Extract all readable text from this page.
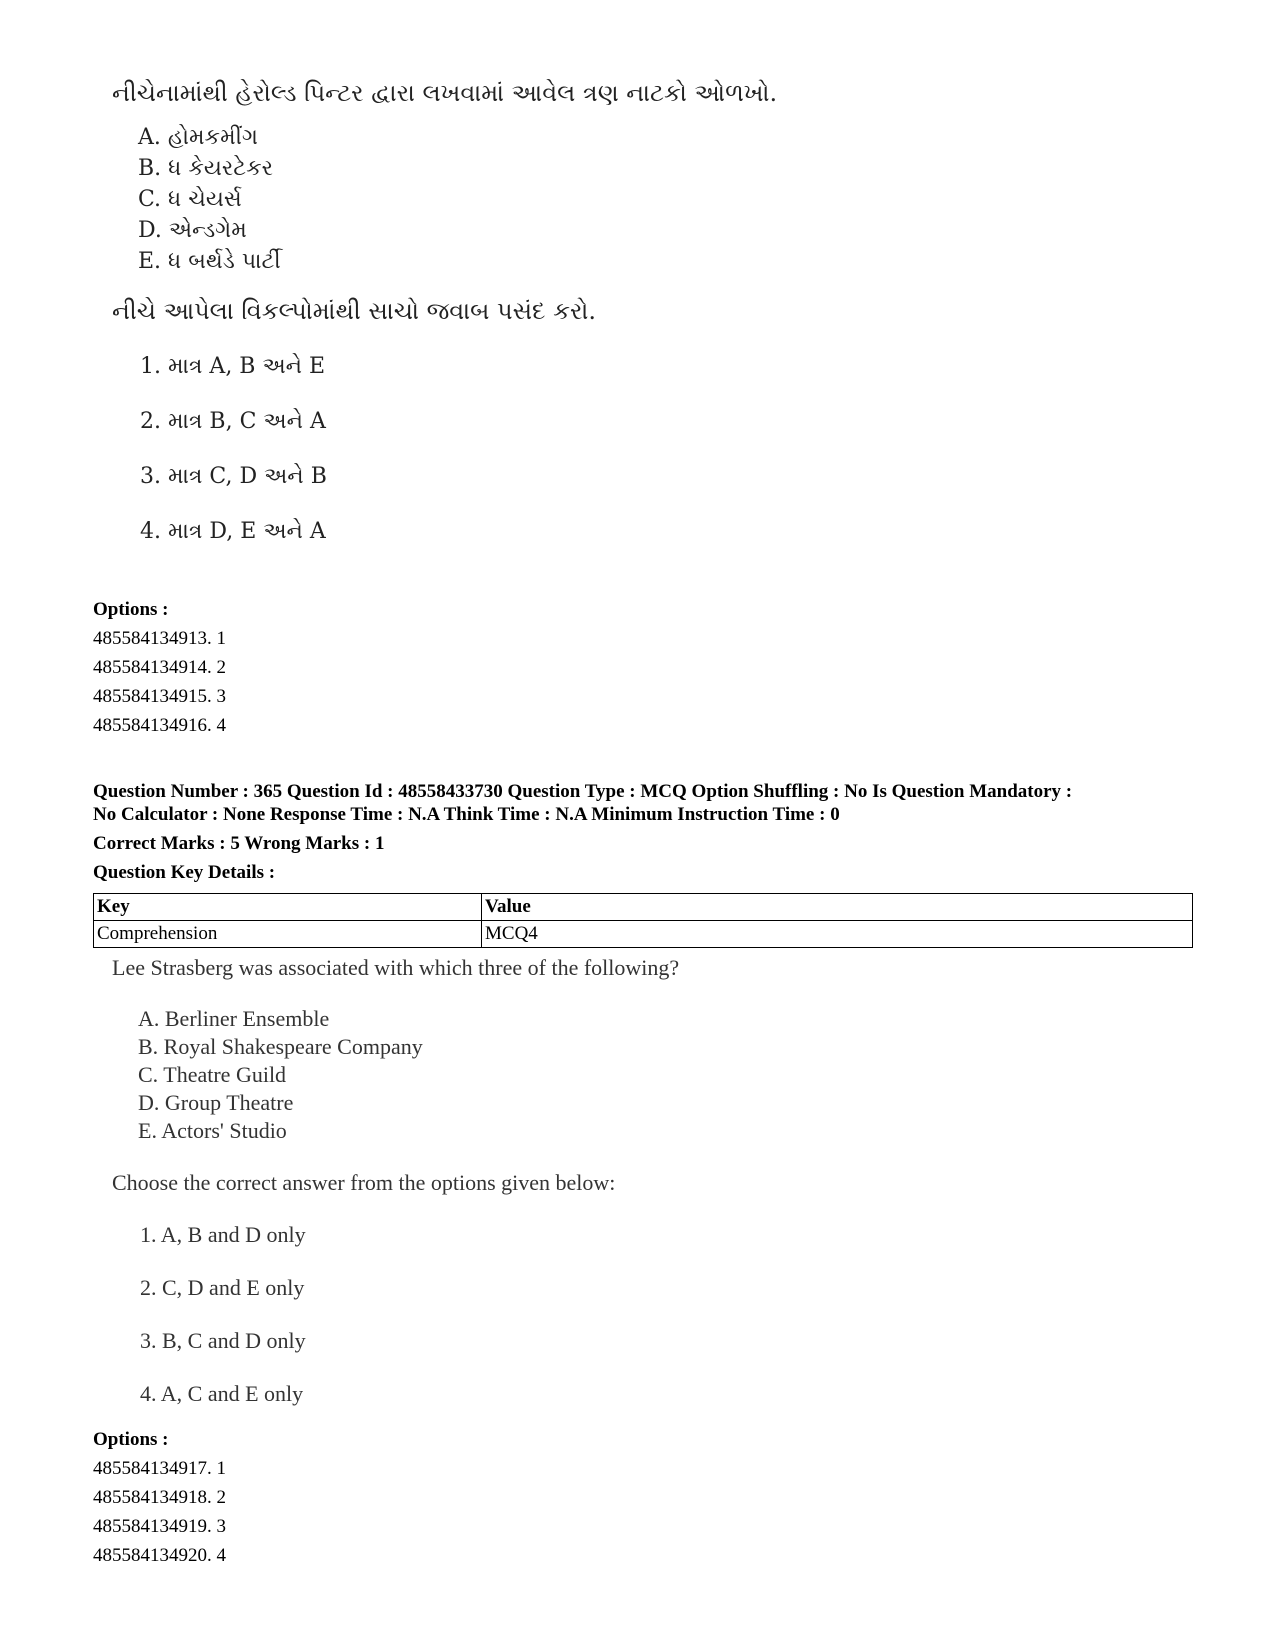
નીચેનામાંથી હેરોલ્ડ પિન્ટર દ્વારા લખવામાં આવેલ ત્રણ નાટકો ઓળખો.
A. હોમકમીંગ
B. ધ કેયરટેકર
C. ધ ચેયર્સ
D. એન્ડગેમ
E. ધ બર્થડે પાર્ટી
નીચે આપેલા વિકલ્પોમાંથી સાચો જવાબ પસંદ કરો.
1. માત્ર A, B અને E
2. માત્ર B, C અને A
3. માત્ર C, D અને B
4. માત્ર D, E અને A
Options :
485584134913. 1
485584134914. 2
485584134915. 3
485584134916. 4
Question Number : 365 Question Id : 48558433730 Question Type : MCQ Option Shuffling : No Is Question Mandatory :
No Calculator : None Response Time : N.A Think Time : N.A Minimum Instruction Time : 0
Correct Marks : 5 Wrong Marks : 1
Question Key Details :
Key	Value
Comprehension	MCQ4
Lee Strasberg was associated with which three of the following?
A. Berliner Ensemble
B. Royal Shakespeare Company
C. Theatre Guild
D. Group Theatre
E. Actors' Studio
Choose the correct answer from the options given below:
1. A, B and D only
2. C, D and E only
3. B, C and D only
4. A, C and E only
Options :
485584134917. 1
485584134918. 2
485584134919. 3
485584134920. 4
